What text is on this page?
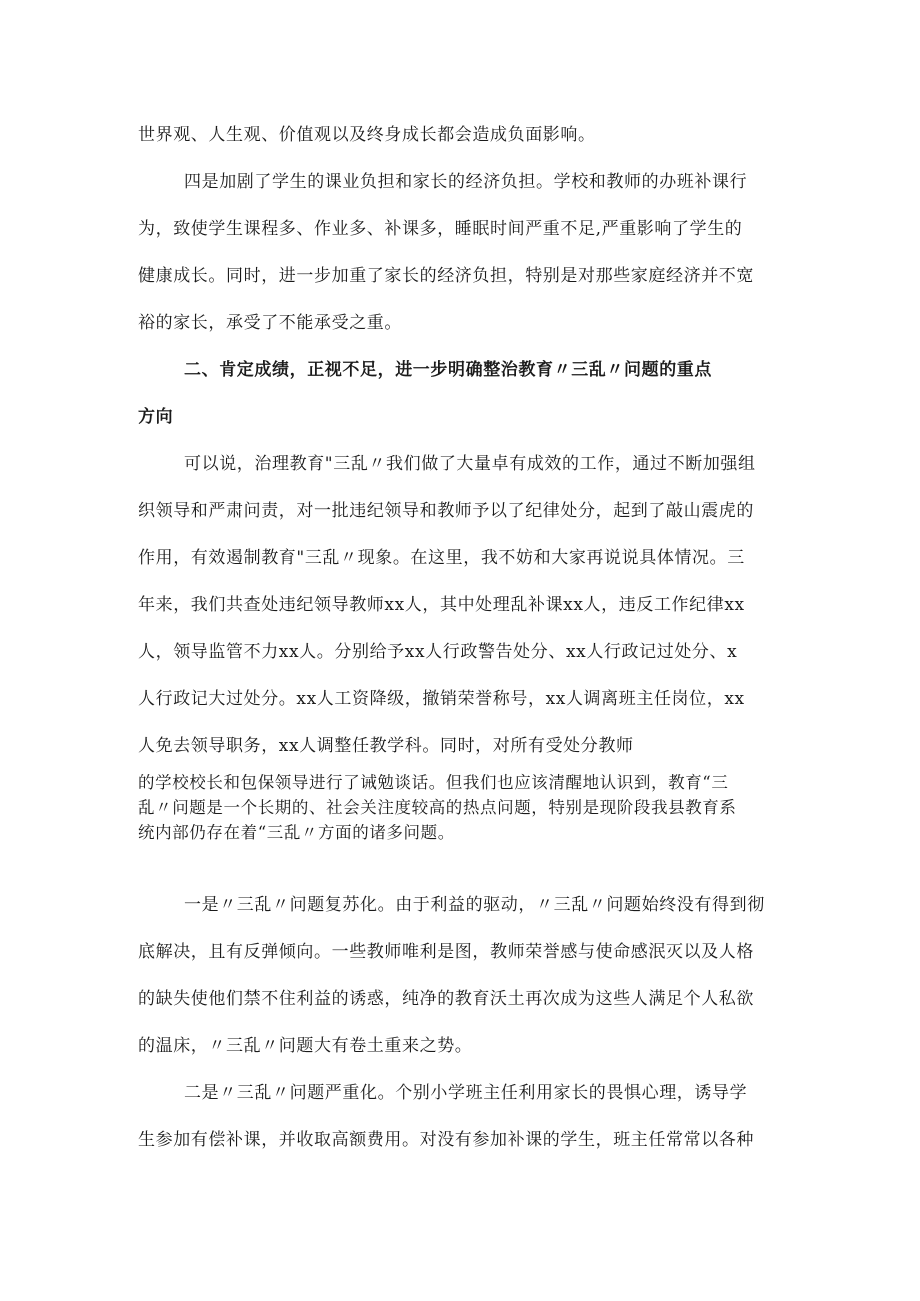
世界观、人生观、价值观以及终身成长都会造成负面影响。
四是加剧了学生的课业负担和家长的经济负担。学校和教师的办班补课行
为，致使学生课程多、作业多、补课多，睡眠时间严重不足,严重影响了学生的
健康成长。同时，进一步加重了家长的经济负担，特别是对那些家庭经济并不宽
裕的家长，承受了不能承受之重。
二、肯定成绩，正视不足，进一步明确整治教育〃三乱〃问题的重点
方向
可以说，治理教育"三乱〃我们做了大量卓有成效的工作，通过不断加强组
织领导和严肃问责，对一批违纪领导和教师予以了纪律处分，起到了敲山震虎的
作用，有效遏制教育"三乱〃现象。在这里，我不妨和大家再说说具体情况。三
年来，我们共查处违纪领导教师xx人，其中处理乱补课xx人，违反工作纪律xx
人，领导监管不力xx人。分别给予xx人行政警告处分、xx人行政记过处分、x
人行政记大过处分。xx人工资降级，撤销荣誉称号，xx人调离班主任岗位，xx
人免去领导职务，xx人调整任教学科。同时，对所有受处分教师
的学校校长和包保领导进行了诫勉谈话。但我们也应该清醒地认识到，教育“三
乱〃问题是一个长期的、社会关注度较高的热点问题，特别是现阶段我县教育系
统内部仍存在着“三乱〃方面的诸多问题。
一是〃三乱〃问题复苏化。由于利益的驱动，〃三乱〃问题始终没有得到彻
底解决，且有反弹倾向。一些教师唯利是图，教师荣誉感与使命感泯灭以及人格
的缺失使他们禁不住利益的诱惑，纯净的教育沃土再次成为这些人满足个人私欲
的温床，〃三乱〃问题大有卷土重来之势。
二是〃三乱〃问题严重化。个别小学班主任利用家长的畏惧心理，诱导学
生参加有偿补课，并收取高额费用。对没有参加补课的学生，班主任常常以各种
